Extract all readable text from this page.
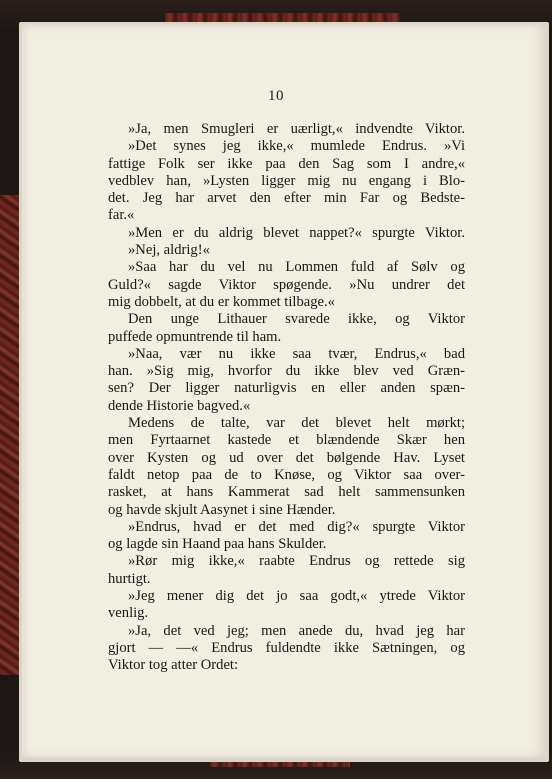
10
»Ja, men Smugleri er uærligt,« indvendte Viktor.
»Det synes jeg ikke,« mumlede Endrus. »Vi
fattige Folk ser ikke paa den Sag som I andre,«
vedblev han, »Lysten ligger mig nu engang i Blo-
det. Jeg har arvet den efter min Far og Bedste-
far.«
»Men er du aldrig blevet nappet?« spurgte Viktor.
»Nej, aldrig!«
»Saa har du vel nu Lommen fuld af Sølv og
Guld?« sagde Viktor spøgende. »Nu undrer det
mig dobbelt, at du er kommet tilbage.«
Den unge Lithauer svarede ikke, og Viktor
puffede opmuntrende til ham.
»Naa, vær nu ikke saa tvær, Endrus,« bad
han. »Sig mig, hvorfor du ikke blev ved Græn-
sen? Der ligger naturligvis en eller anden spæn-
dende Historie bagved.«
Medens de talte, var det blevet helt mørkt;
men Fyrtaarnet kastede et blændende Skær hen
over Kysten og ud over det bølgende Hav. Lyset
faldt netop paa de to Knøse, og Viktor saa over-
rasket, at hans Kammerat sad helt sammensunken
og havde skjult Aasynet i sine Hænder.
»Endrus, hvad er det med dig?« spurgte Viktor
og lagde sin Haand paa hans Skulder.
»Rør mig ikke,« raabte Endrus og rettede sig
hurtigt.
»Jeg mener dig det jo saa godt,« ytrede Viktor
venlig.
»Ja, det ved jeg; men anede du, hvad jeg har
gjort — —« Endrus fuldendte ikke Sætningen, og
Viktor tog atter Ordet:
